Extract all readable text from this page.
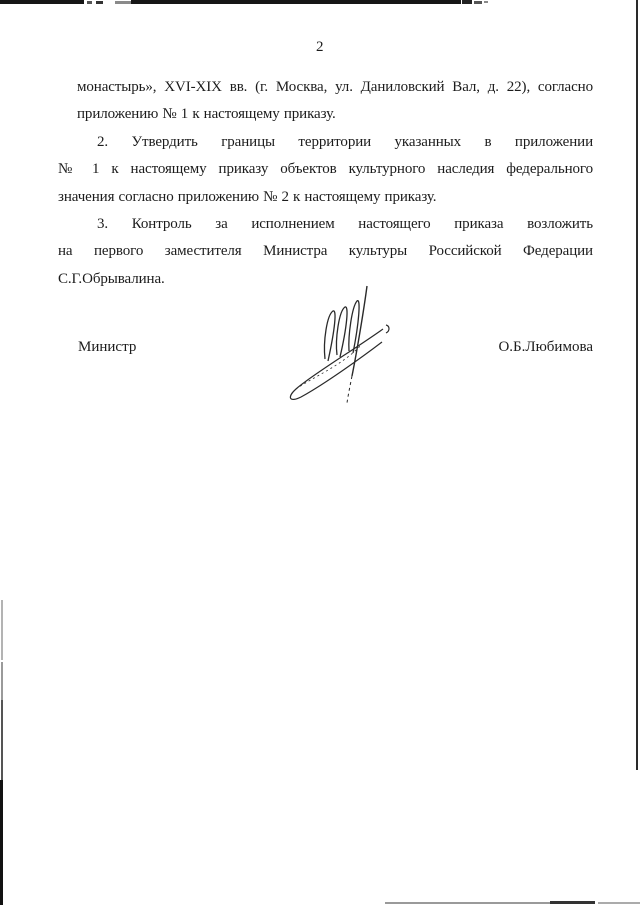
2
монастырь», XVI-XIX вв. (г. Москва, ул. Даниловский Вал, д. 22), согласно
приложению № 1 к настоящему приказу.
2. Утвердить границы территории указанных в приложении
№ 1 к настоящему приказу объектов культурного наследия федерального
значения согласно приложению № 2 к настоящему приказу.
3. Контроль за исполнением настоящего приказа возложить
на первого заместителя Министра культуры Российской Федерации
С.Г.Обрывалина.
Министр	О.Б.Любимова
